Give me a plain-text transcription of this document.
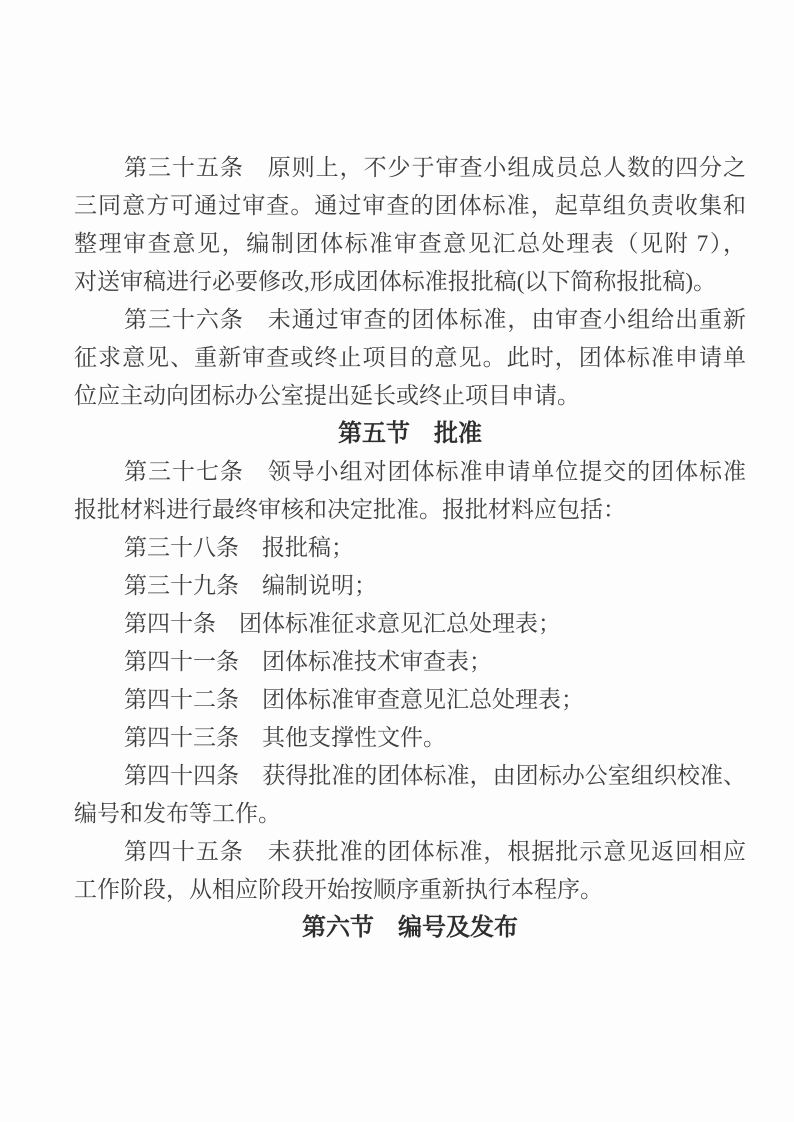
第三十五条　原则上，不少于审查小组成员总人数的四分之
三同意方可通过审查。通过审查的团体标准，起草组负责收集和
整理审查意见，编制团体标准审查意见汇总处理表（见附 7），
对送审稿进行必要修改,形成团体标准报批稿(以下简称报批稿)。
第三十六条　未通过审查的团体标准，由审查小组给出重新
征求意见、重新审查或终止项目的意见。此时，团体标准申请单
位应主动向团标办公室提出延长或终止项目申请。
第五节　批准
第三十七条　领导小组对团体标准申请单位提交的团体标准
报批材料进行最终审核和决定批准。报批材料应包括：
第三十八条　报批稿；
第三十九条　编制说明；
第四十条　团体标准征求意见汇总处理表；
第四十一条　团体标准技术审查表；
第四十二条　团体标准审查意见汇总处理表；
第四十三条　其他支撑性文件。
第四十四条　获得批准的团体标准，由团标办公室组织校准、
编号和发布等工作。
第四十五条　未获批准的团体标准，根据批示意见返回相应
工作阶段，从相应阶段开始按顺序重新执行本程序。
第六节　编号及发布
